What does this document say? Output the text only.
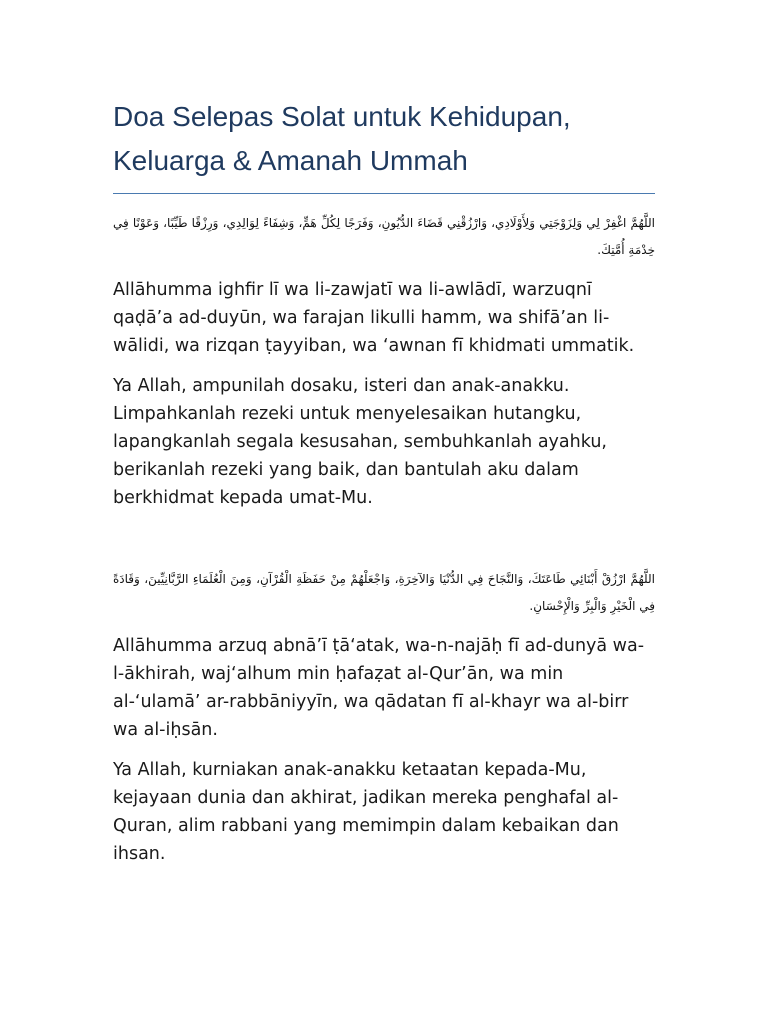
Doa Selepas Solat untuk Kehidupan, Keluarga & Amanah Ummah

اللَّهُمَّ اغْفِرْ لِي وَلِزَوْجَتِي وَلِأَوْلَادِي، وَارْزُقْنِي قَضَاءَ الدُّيُونِ، وَفَرَجًا لِكُلِّ هَمٍّ، وَشِفَاءً لِوَالِدِي، وَرِزْقًا طَيِّبًا، وَعَوْنًا فِي خِدْمَةِ أُمَّتِكَ.

Allāhumma ighfir lī wa li-zawjatī wa li-awlādī, warzuqnī qaḍā’a ad-duyūn, wa farajan likulli hamm, wa shifā’an li-wālidi, wa rizqan ṭayyiban, wa ‘awnan fī khidmati ummatik.

Ya Allah, ampunilah dosaku, isteri dan anak-anakku. Limpahkanlah rezeki untuk menyelesaikan hutangku, lapangkanlah segala kesusahan, sembuhkanlah ayahku, berikanlah rezeki yang baik, dan bantulah aku dalam berkhidmat kepada umat-Mu.

اللَّهُمَّ ارْزُقْ أَبْنَائِي طَاعَتَكَ، وَالنَّجَاحَ فِي الدُّنْيَا وَالآخِرَةِ، وَاجْعَلْهُمْ مِنْ حَفَظَةِ الْقُرْآنِ، وَمِنَ الْعُلَمَاءِ الرَّبَّانِيِّينَ، وَقَادَةً فِي الْخَيْرِ وَالْبِرِّ وَالْإِحْسَانِ.

Allāhumma arzuq abnā’ī ṭā‘atak, wa-n-najāḥ fī ad-dunyā wa-l-ākhirah, waj‘alhum min ḥafaẓat al-Qur’ān, wa min al-‘ulamā’ ar-rabbāniyyīn, wa qādatan fī al-khayr wa al-birr wa al-iḥsān.

Ya Allah, kurniakan anak-anakku ketaatan kepada-Mu, kejayaan dunia dan akhirat, jadikan mereka penghafal al-Quran, alim rabbani yang memimpin dalam kebaikan dan ihsan.
